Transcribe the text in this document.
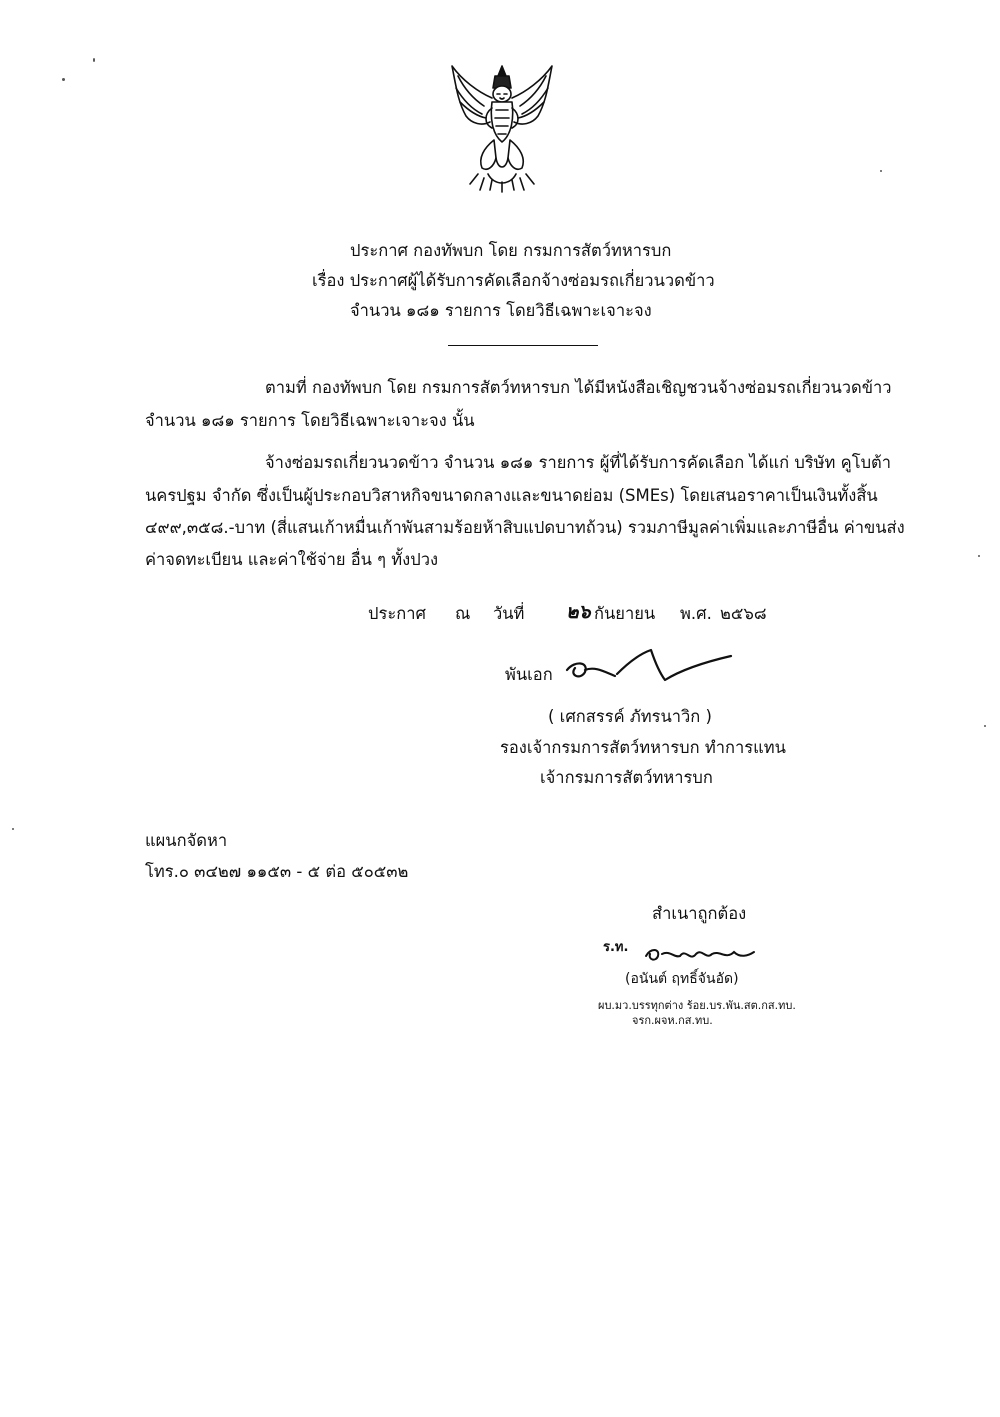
ประกาศ กองทัพบก โดย กรมการสัตว์ทหารบก
เรื่อง ประกาศผู้ได้รับการคัดเลือกจ้างซ่อมรถเกี่ยวนวดข้าว
จำนวน ๑๘๑ รายการ โดยวิธีเฉพาะเจาะจง
ตามที่ กองทัพบก โดย กรมการสัตว์ทหารบก ได้มีหนังสือเชิญชวนจ้างซ่อมรถเกี่ยวนวดข้าว
จำนวน ๑๘๑ รายการ โดยวิธีเฉพาะเจาะจง นั้น
จ้างซ่อมรถเกี่ยวนวดข้าว จำนวน ๑๘๑ รายการ ผู้ที่ได้รับการคัดเลือก ได้แก่ บริษัท คูโบต้า
นครปฐม จำกัด ซึ่งเป็นผู้ประกอบวิสาหกิจขนาดกลางและขนาดย่อม (SMEs) โดยเสนอราคาเป็นเงินทั้งสิ้น
๔๙๙,๓๕๘.-บาท (สี่แสนเก้าหมื่นเก้าพันสามร้อยห้าสิบแปดบาทถ้วน) รวมภาษีมูลค่าเพิ่มและภาษีอื่น ค่าขนส่ง
ค่าจดทะเบียน และค่าใช้จ่าย อื่น ๆ ทั้งปวง
ประกาศ ณ วันที่ ๒๖ กันยายน พ.ศ. ๒๕๖๘
พันเอก
( เศกสรรค์ ภัทรนาวิก )
รองเจ้ากรมการสัตว์ทหารบก ทำการแทน
เจ้ากรมการสัตว์ทหารบก
แผนกจัดหา
โทร.๐ ๓๔๒๗ ๑๑๕๓ - ๕ ต่อ ๕๐๕๓๒
สำเนาถูกต้อง
ร.ท.
(อนันต์ ฤทธิ์จันอัด)
ผบ.มว.บรรทุกต่าง ร้อย.บร.พัน.สต.กส.ทบ.
จรก.ผจห.กส.ทบ.
